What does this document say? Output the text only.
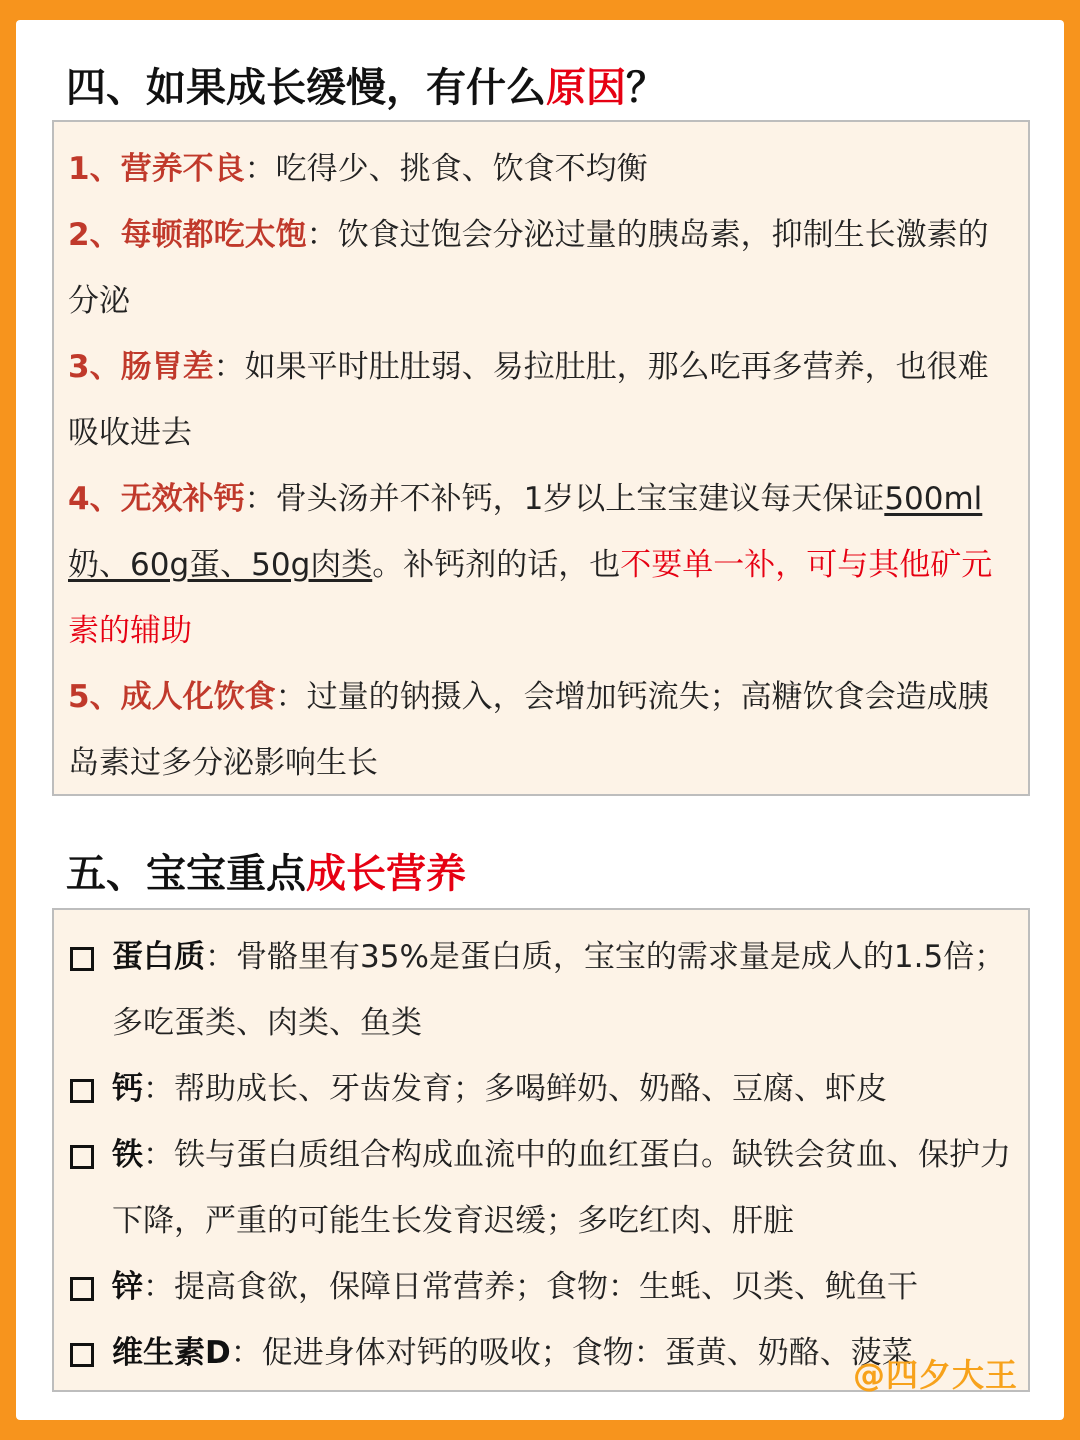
四、如果成长缓慢，有什么原因？

1、营养不良：吃得少、挑食、饮食不均衡

2、每顿都吃太饱：饮食过饱会分泌过量的胰岛素，抑制生长激素的分泌

3、肠胃差：如果平时肚肚弱、易拉肚肚，那么吃再多营养，也很难吸收进去

4、无效补钙：骨头汤并不补钙，1岁以上宝宝建议每天保证500ml奶、60g蛋、50g肉类。补钙剂的话，也不要单一补，可与其他矿元素的辅助

5、成人化饮食：过量的钠摄入，会增加钙流失；高糖饮食会造成胰岛素过多分泌影响生长

五、宝宝重点成长营养
蛋白质：骨骼里有35%是蛋白质，宝宝的需求量是成人的1.5倍；多吃蛋类、肉类、鱼类
钙：帮助成长、牙齿发育；多喝鲜奶、奶酪、豆腐、虾皮
铁：铁与蛋白质组合构成血流中的血红蛋白。缺铁会贫血、保护力下降，严重的可能生长发育迟缓；多吃红肉、肝脏
锌：提高食欲，保障日常营养；食物：生蚝、贝类、鱿鱼干
维生素D：促进身体对钙的吸收；食物：蛋黄、奶酪、菠菜
@四夕大王
